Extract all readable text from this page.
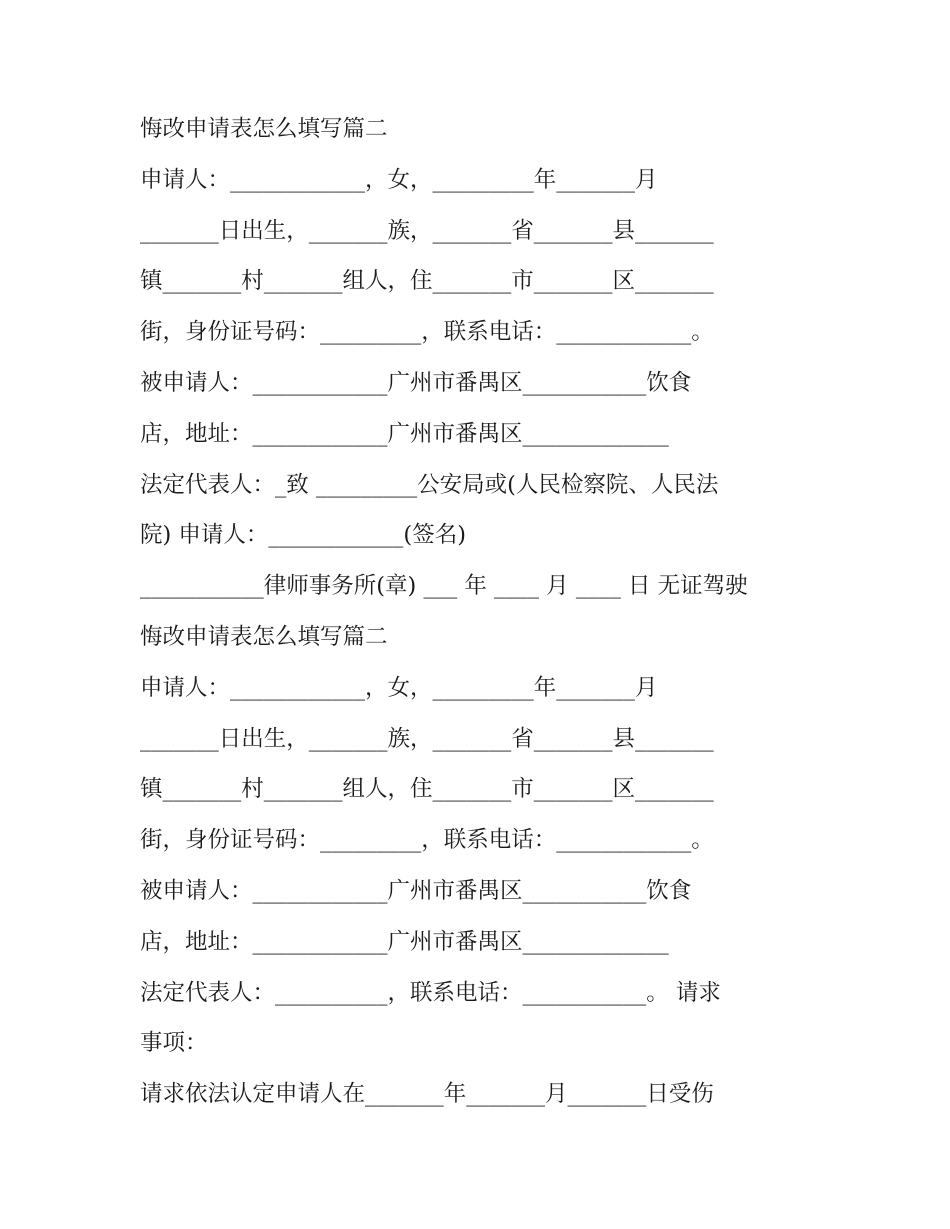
悔改申请表怎么填写篇二
申请人：____________，女，_________年_______月
_______日出生，_______族，_______省_______县_______
镇_______村_______组人，住_______市_______区_______
街，身份证号码：_________，联系电话：____________。
被申请人：____________广州市番禺区___________饮食
店，地址：____________广州市番禺区_____________
法定代表人：_致 _________公安局或(人民检察院、人民法
院) 申请人：____________(签名)
___________律师事务所(章) ___ 年 ____ 月 ____ 日 无证驾驶
悔改申请表怎么填写篇二
申请人：____________，女，_________年_______月
_______日出生，_______族，_______省_______县_______
镇_______村_______组人，住_______市_______区_______
街，身份证号码：_________，联系电话：____________。
被申请人：____________广州市番禺区___________饮食
店，地址：____________广州市番禺区_____________
法定代表人：__________，联系电话：___________。 请求
事项：
请求依法认定申请人在_______年_______月_______日受伤
